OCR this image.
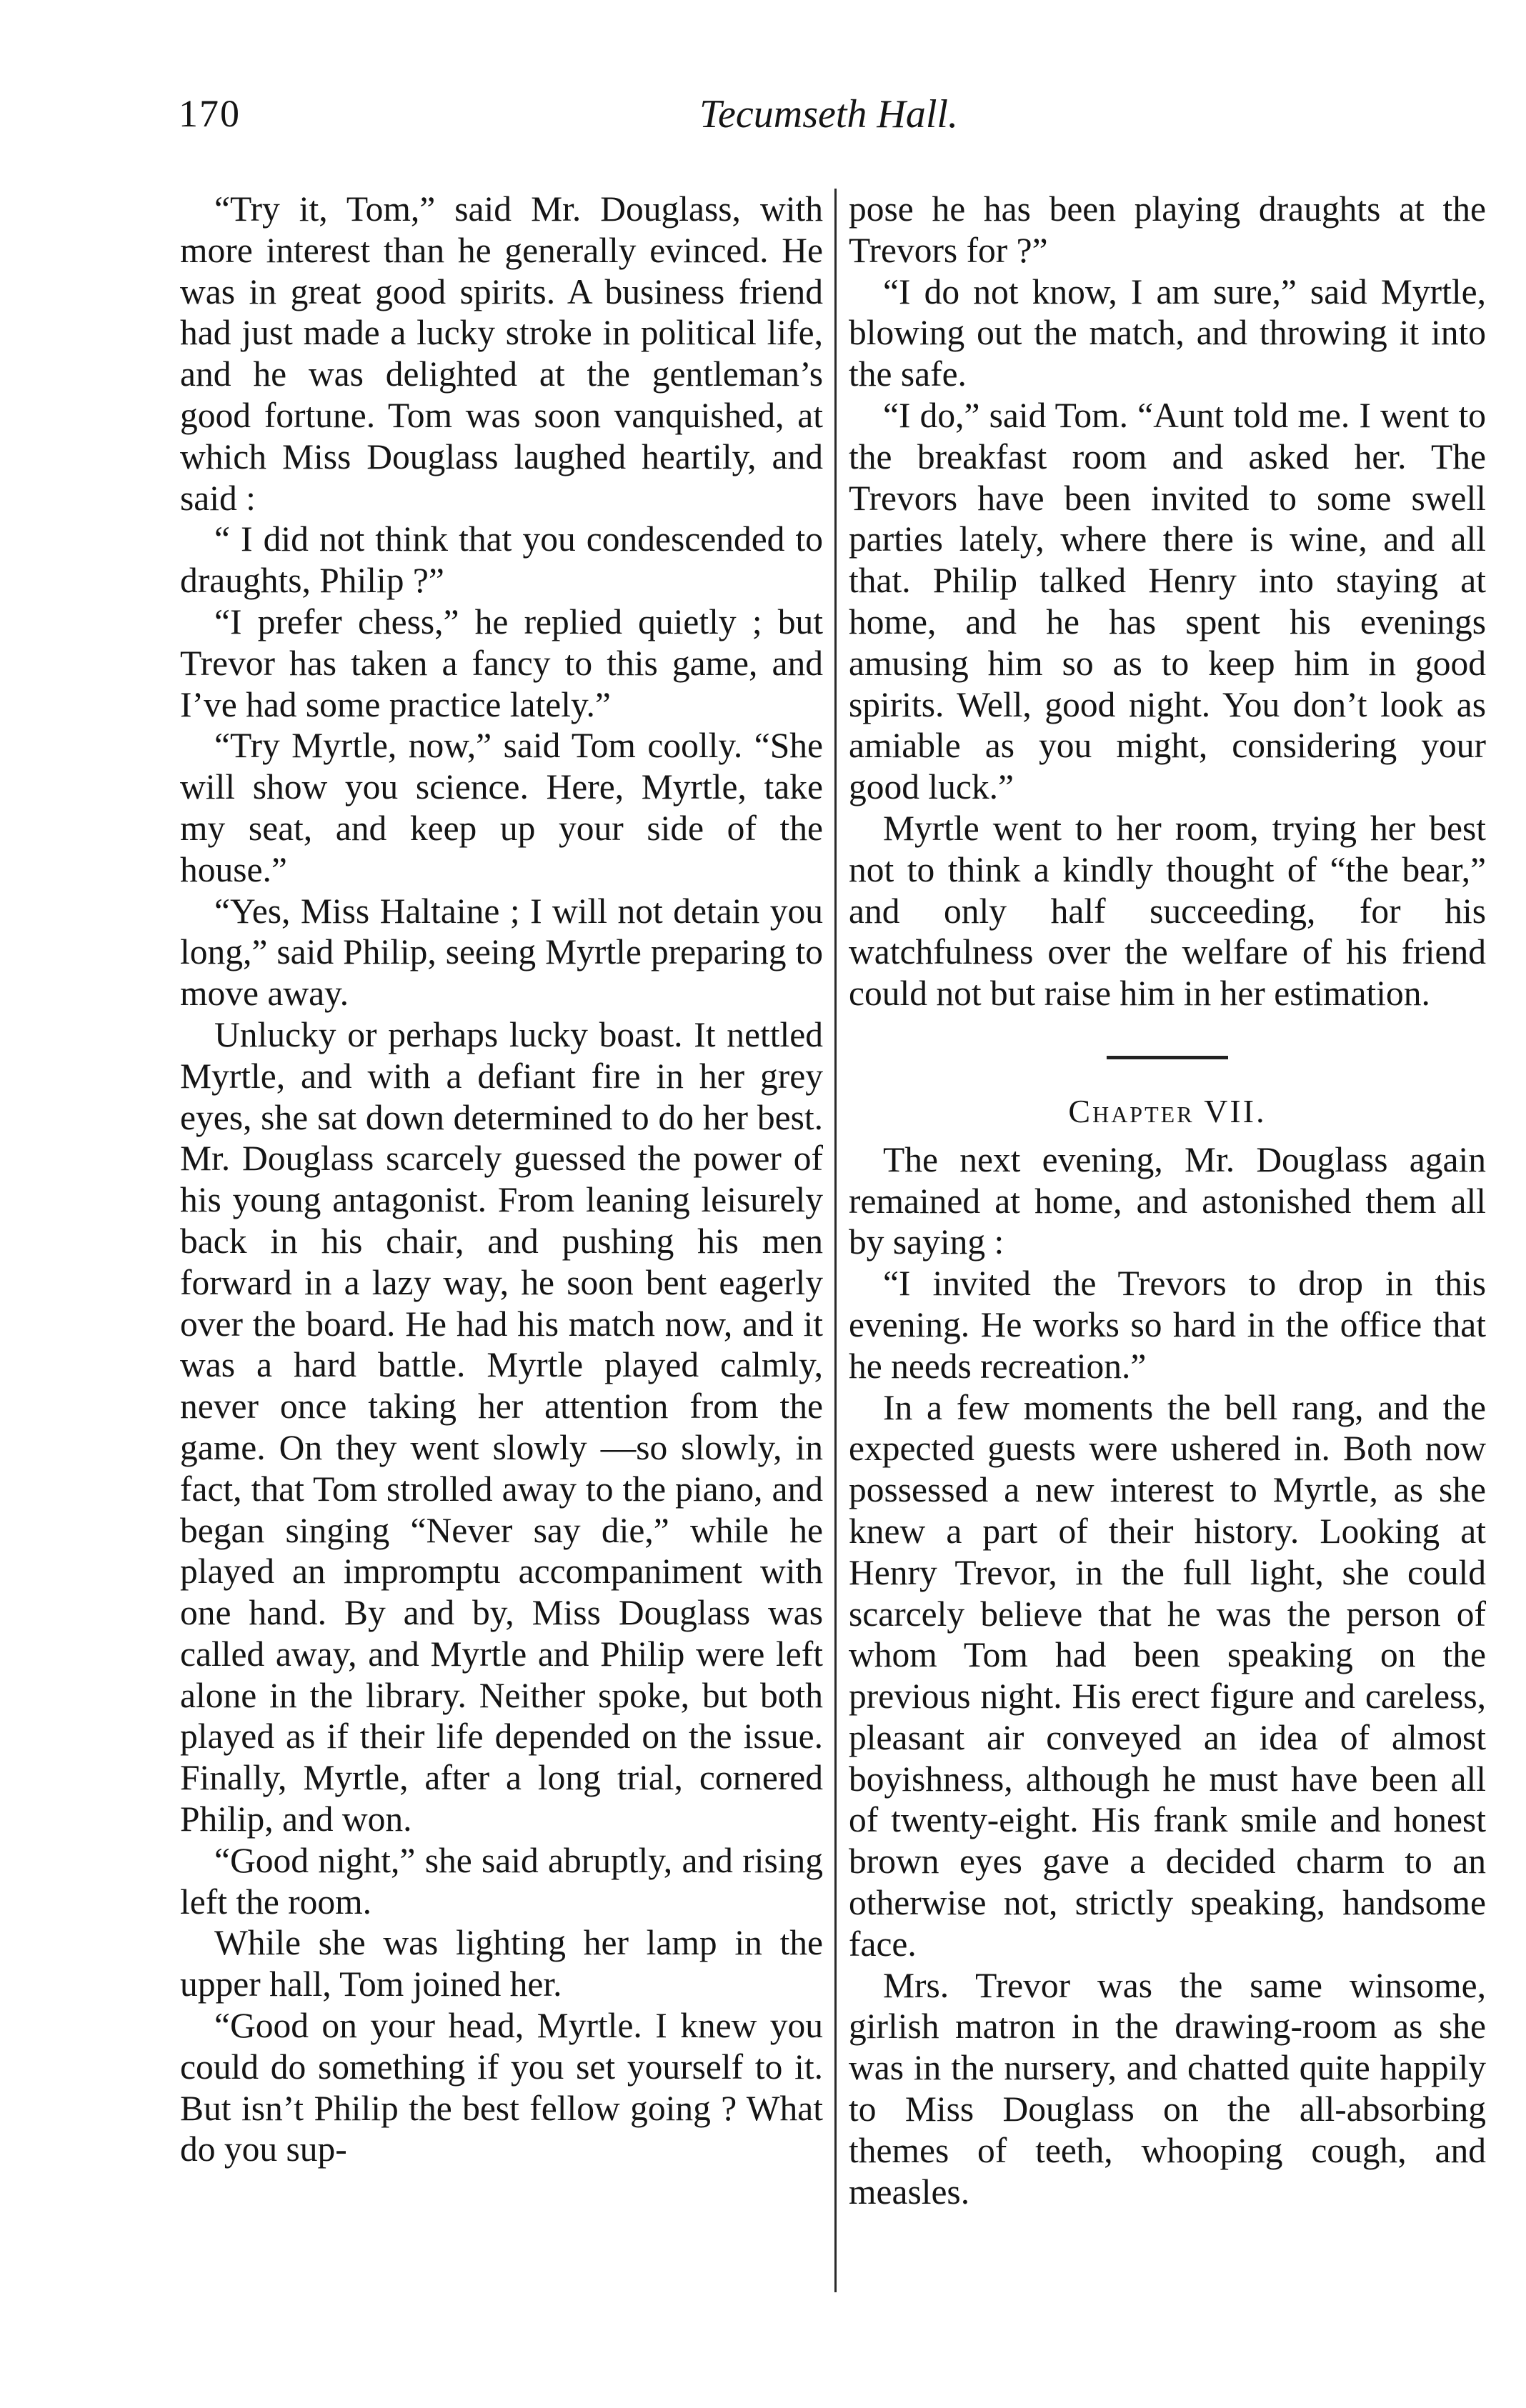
170	Tecumseth Hall.

“Try it, Tom,” said Mr. Douglass, with more interest than he generally evinced. He was in great good spirits. A business friend had just made a lucky stroke in political life, and he was delighted at the gentleman’s good fortune. Tom was soon vanquished, at which Miss Douglass laughed heartily, and said :

“ I did not think that you condescended to draughts, Philip ?”

“I prefer chess,” he replied quietly ; but Trevor has taken a fancy to this game, and I’ve had some practice lately.”

“Try Myrtle, now,” said Tom coolly. “She will show you science. Here, Myrtle, take my seat, and keep up your side of the house.”

“Yes, Miss Haltaine ; I will not detain you long,” said Philip, seeing Myrtle preparing to move away.

Unlucky or perhaps lucky boast. It nettled Myrtle, and with a defiant fire in her grey eyes, she sat down determined to do her best. Mr. Douglass scarcely guessed the power of his young antagonist. From leaning leisurely back in his chair, and pushing his men forward in a lazy way, he soon bent eagerly over the board. He had his match now, and it was a hard battle. Myrtle played calmly, never once taking her attention from the game. On they went slowly —so slowly, in fact, that Tom strolled away to the piano, and began singing “Never say die,” while he played an impromptu accompaniment with one hand. By and by, Miss Douglass was called away, and Myrtle and Philip were left alone in the library. Neither spoke, but both played as if their life depended on the issue. Finally, Myrtle, after a long trial, cornered Philip, and won.

“Good night,” she said abruptly, and rising left the room.

While she was lighting her lamp in the upper hall, Tom joined her.

“Good on your head, Myrtle. I knew you could do something if you set yourself to it. But isn’t Philip the best fellow going ? What do you sup-

pose he has been playing draughts at the Trevors for ?”

“I do not know, I am sure,” said Myrtle, blowing out the match, and throwing it into the safe.

“I do,” said Tom. “Aunt told me. I went to the breakfast room and asked her. The Trevors have been invited to some swell parties lately, where there is wine, and all that. Philip talked Henry into staying at home, and he has spent his evenings amusing him so as to keep him in good spirits. Well, good night. You don’t look as amiable as you might, considering your good luck.”

Myrtle went to her room, trying her best not to think a kindly thought of “the bear,” and only half succeeding, for his watchfulness over the welfare of his friend could not but raise him in her estimation.

Chapter VII.

The next evening, Mr. Douglass again remained at home, and astonished them all by saying :

“I invited the Trevors to drop in this evening. He works so hard in the office that he needs recreation.”

In a few moments the bell rang, and the expected guests were ushered in. Both now possessed a new interest to Myrtle, as she knew a part of their history. Looking at Henry Trevor, in the full light, she could scarcely believe that he was the person of whom Tom had been speaking on the previous night. His erect figure and careless, pleasant air conveyed an idea of almost boyishness, although he must have been all of twenty-eight. His frank smile and honest brown eyes gave a decided charm to an otherwise not, strictly speaking, handsome face.

Mrs. Trevor was the same winsome, girlish matron in the drawing-room as she was in the nursery, and chatted quite happily to Miss Douglass on the all-absorbing themes of teeth, whooping cough, and measles.
